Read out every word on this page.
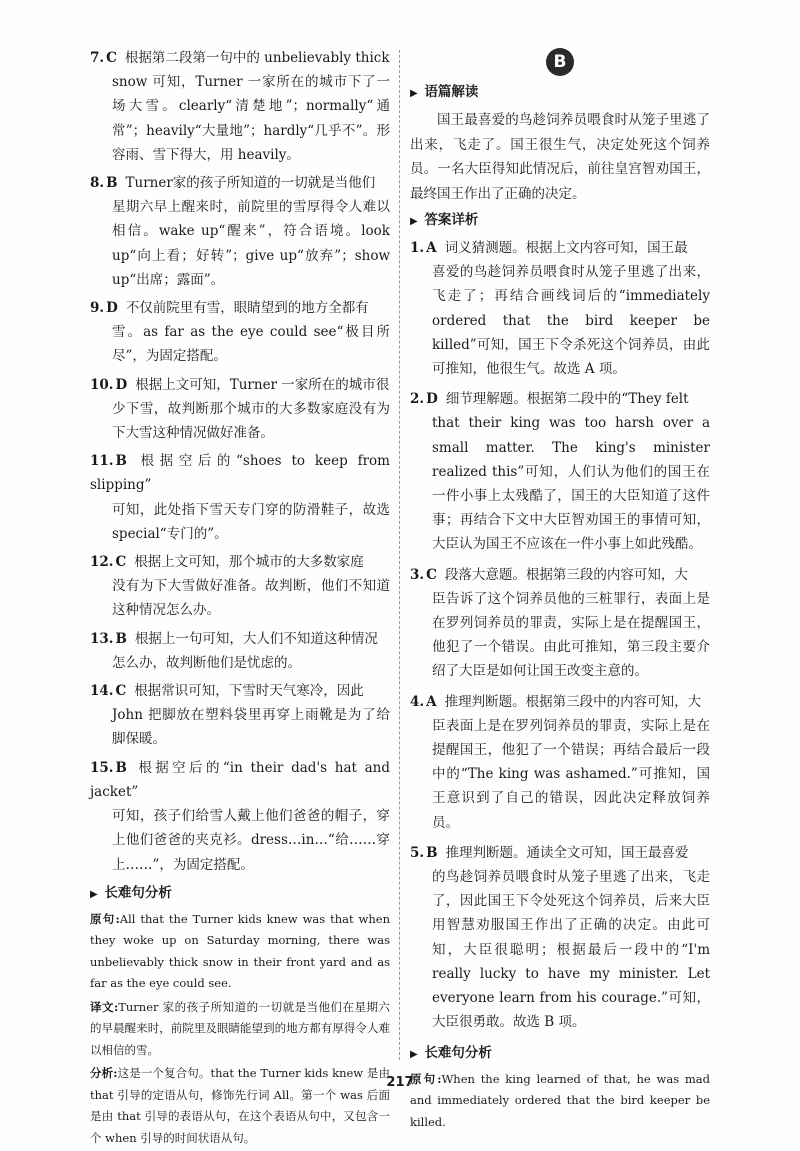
7. C 根据第二段第一句中的 unbelievably thick
snow 可知，Turner 一家所在的城市下了一场大雪。clearly“清楚地”；normally“通常”；heavily“大量地”；hardly“几乎不”。形容雨、雪下得大，用 heavily。
8. B Turner家的孩子所知道的一切就是当他们
星期六早上醒来时，前院里的雪厚得令人难以相信。wake up“醒来”，符合语境。look up“向上看；好转”；give up“放弃”；show up“出席；露面”。
9. D 不仅前院里有雪，眼睛望到的地方全都有
雪。as far as the eye could see“极目所尽”，为固定搭配。
10. D 根据上文可知，Turner 一家所在的城市很
少下雪，故判断那个城市的大多数家庭没有为下大雪这种情况做好准备。
11. B 根据空后的“shoes to keep from slipping”
可知，此处指下雪天专门穿的防滑鞋子，故选 special“专门的”。
12. C 根据上文可知，那个城市的大多数家庭
没有为下大雪做好准备。故判断，他们不知道这种情况怎么办。
13. B 根据上一句可知，大人们不知道这种情况
怎么办，故判断他们是忧虑的。
14. C 根据常识可知，下雪时天气寒冷，因此
John 把脚放在塑料袋里再穿上雨靴是为了给脚保暖。
15. B 根据空后的“in their dad's hat and jacket”
可知，孩子们给雪人戴上他们爸爸的帽子，穿上他们爸爸的夹克衫。dress…in…“给……穿上……”，为固定搭配。
▶ 长难句分析
原句:All that the Turner kids knew was that when they woke up on Saturday morning, there was unbelievably thick snow in their front yard and as far as the eye could see.
译文:Turner 家的孩子所知道的一切就是当他们在星期六的早晨醒来时，前院里及眼睛能望到的地方都有厚得令人难以相信的雪。
分析:这是一个复合句。that the Turner kids knew 是由 that 引导的定语从句，修饰先行词 All。第一个 was 后面是由 that 引导的表语从句，在这个表语从句中，又包含一个 when 引导的时间状语从句。
B
▶ 语篇解读
国王最喜爱的鸟趁饲养员喂食时从笼子里逃了出来，飞走了。国王很生气，决定处死这个饲养员。一名大臣得知此情况后，前往皇宫智劝国王，最终国王作出了正确的决定。
▶ 答案详析
1. A 词义猜测题。根据上文内容可知，国王最
喜爱的鸟趁饲养员喂食时从笼子里逃了出来，飞走了；再结合画线词后的“immediately ordered that the bird keeper be killed”可知，国王下令杀死这个饲养员，由此可推知，他很生气。故选 A 项。
2. D 细节理解题。根据第二段中的“They felt
that their king was too harsh over a small matter. The king's minister realized this”可知，人们认为他们的国王在一件小事上太残酷了，国王的大臣知道了这件事；再结合下文中大臣智劝国王的事情可知，大臣认为国王不应该在一件小事上如此残酷。
3. C 段落大意题。根据第三段的内容可知，大
臣告诉了这个饲养员他的三桩罪行，表面上是在罗列饲养员的罪责，实际上是在提醒国王，他犯了一个错误。由此可推知，第三段主要介绍了大臣是如何让国王改变主意的。
4. A 推理判断题。根据第三段中的内容可知，大
臣表面上是在罗列饲养员的罪责，实际上是在提醒国王，他犯了一个错误；再结合最后一段中的“The king was ashamed.”可推知，国王意识到了自己的错误，因此决定释放饲养员。
5. B 推理判断题。通读全文可知，国王最喜爱
的鸟趁饲养员喂食时从笼子里逃了出来，飞走了，因此国王下令处死这个饲养员，后来大臣用智慧劝服国王作出了正确的决定。由此可知，大臣很聪明；根据最后一段中的“I'm really lucky to have my minister. Let everyone learn from his courage.”可知，大臣很勇敢。故选 B 项。
▶ 长难句分析
原句:When the king learned of that, he was mad and immediately ordered that the bird keeper be killed.
217
